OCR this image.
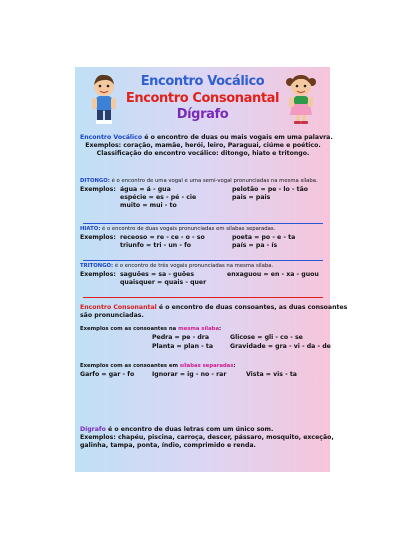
Encontro Vocálico
Encontro Consonantal
Dígrafo
Encontro Vocálico é o encontro de duas ou mais vogais em uma palavra.
Exemplos: coração, mamãe, herói, leiro, Paraguai, ciúme e poético.
Classificação do encontro vocálico: ditongo, hiato e tritongo.
DITONGO: é o encontro de uma vogal e uma semi-vogal pronunciadas na mesma sílaba.
Exemplos: água = á - gua
espécie = es - pé - cie
muito = mui - to
pelotão = pe - lo - tão
pais = pais
HIATO: é o encontro de duas vogais pronunciadas em sílabas separadas.
Exemplos: receoso = re - ce - o - so
triunfo = tri - un - fo
poeta = po - e - ta
país = pa - ís
TRITONGO: é o encontro de três vogais pronunciadas na mesma sílaba.
Exemplos: saguões = sa - guões
quaisquer = quais - quer
enxaguou = en - xa - guou
Encontro Consonantal é o encontro de duas consoantes, as duas consoantes
são pronunciadas.
Exemplos com as consoantes na mesma sílaba:
Pedra = pe - dra
Planta = plan - ta
Glicose = gli - co - se
Gravidade = gra - vi - da - de
Exemplos com as consoantes em sílabas separadas:
Garfo = gar - fo	Ignorar = ig - no - rar	Vista = vis - ta
Dígrafo é o encontro de duas letras com um único som.
Exemplos: chapéu, piscina, carroça, descer, pássaro, mosquito, exceção,
galinha, tampa, ponta, índio, comprimido e renda.
